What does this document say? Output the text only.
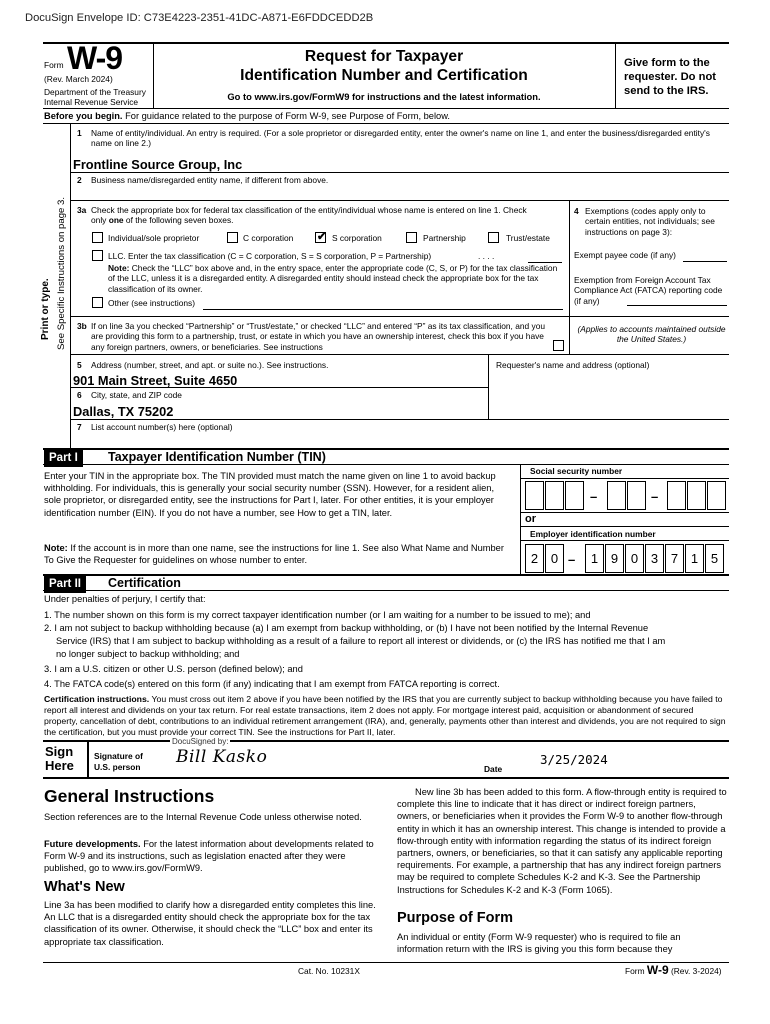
DocuSign Envelope ID: C73E4223-2351-41DC-A871-E6FDDCEDD2B
Form W-9
(Rev. March 2024)
Department of the Treasury
Internal Revenue Service
Request for Taxpayer
Identification Number and Certification
Go to www.irs.gov/FormW9 for instructions and the latest information.
Give form to the
requester. Do not
send to the IRS.
Before you begin. For guidance related to the purpose of Form W-9, see Purpose of Form, below.
Print or type. See Specific Instructions on page 3.
1 Name of entity/individual. An entry is required. (For a sole proprietor or disregarded entity, enter the owner's name on line 1, and enter the business/disregarded entity's name on line 2.)
Frontline Source Group, Inc
2 Business name/disregarded entity name, if different from above.
3a Check the appropriate box for federal tax classification of the entity/individual whose name is entered on line 1. Check
only one of the following seven boxes.
Individual/sole proprietor	C corporation ✔ S corporation	Partnership	Trust/estate
LLC. Enter the tax classification (C = C corporation, S = S corporation, P = Partnership)	. . . .
Note: Check the “LLC” box above and, in the entry space, enter the appropriate code (C, S, or P) for the tax classification of the LLC, unless it is a disregarded entity. A disregarded entity should instead check the appropriate box for the tax classification of its owner.
Other (see instructions)
4 Exemptions (codes apply only to certain entities, not individuals; see instructions on page 3):
Exempt payee code (if any)
Exemption from Foreign Account Tax Compliance Act (FATCA) reporting code (if any)
(Applies to accounts maintained outside the United States.)
3b If on line 3a you checked “Partnership” or “Trust/estate,” or checked “LLC” and entered “P” as its tax classification, and you are providing this form to a partnership, trust, or estate in which you have an ownership interest, check this box if you have any foreign partners, owners, or beneficiaries. See instructions
5 Address (number, street, and apt. or suite no.). See instructions.
901 Main Street, Suite 4650
Requester's name and address (optional)
6 City, state, and ZIP code
Dallas, TX 75202
7 List account number(s) here (optional)
Part I	Taxpayer Identification Number (TIN)
Enter your TIN in the appropriate box. The TIN provided must match the name given on line 1 to avoid backup withholding. For individuals, this is generally your social security number (SSN). However, for a resident alien, sole proprietor, or disregarded entity, see the instructions for Part I, later. For other entities, it is your employer identification number (EIN). If you do not have a number, see How to get a TIN, later.
Note: If the account is in more than one name, see the instructions for line 1. See also What Name and Number To Give the Requester for guidelines on whose number to enter.
Social security number
–	–
or
Employer identification number
2 0 –	1 9 0 3 7 1 5
Part II	Certification
Under penalties of perjury, I certify that:
1. The number shown on this form is my correct taxpayer identification number (or I am waiting for a number to be issued to me); and
2. I am not subject to backup withholding because (a) I am exempt from backup withholding, or (b) I have not been notified by the Internal Revenue
Service (IRS) that I am subject to backup withholding as a result of a failure to report all interest or dividends, or (c) the IRS has notified me that I am
no longer subject to backup withholding; and
3. I am a U.S. citizen or other U.S. person (defined below); and
4. The FATCA code(s) entered on this form (if any) indicating that I am exempt from FATCA reporting is correct.
Certification instructions. You must cross out item 2 above if you have been notified by the IRS that you are currently subject to backup withholding because you have failed to report all interest and dividends on your tax return. For real estate transactions, item 2 does not apply. For mortgage interest paid, acquisition or abandonment of secured property, cancellation of debt, contributions to an individual retirement arrangement (IRA), and, generally, payments other than interest and dividends, you are not required to sign the certification, but you must provide your correct TIN. See the instructions for Part II, later.
Sign
Here
Signature of
U.S. person
DocuSigned by:
Bill Kasko	3/25/2024
Date
General Instructions
Section references are to the Internal Revenue Code unless otherwise noted.
Future developments. For the latest information about developments related to Form W-9 and its instructions, such as legislation enacted after they were published, go to www.irs.gov/FormW9.
What's New
Line 3a has been modified to clarify how a disregarded entity completes this line. An LLC that is a disregarded entity should check the appropriate box for the tax classification of its owner. Otherwise, it should check the “LLC” box and enter its appropriate tax classification.
New line 3b has been added to this form. A flow-through entity is required to complete this line to indicate that it has direct or indirect foreign partners, owners, or beneficiaries when it provides the Form W-9 to another flow-through entity in which it has an ownership interest. This change is intended to provide a flow-through entity with information regarding the status of its indirect foreign partners, owners, or beneficiaries, so that it can satisfy any applicable reporting requirements. For example, a partnership that has any indirect foreign partners may be required to complete Schedules K-2 and K-3. See the Partnership Instructions for Schedules K-2 and K-3 (Form 1065).
Purpose of Form
An individual or entity (Form W-9 requester) who is required to file an information return with the IRS is giving you this form because they
Cat. No. 10231X	Form W-9 (Rev. 3-2024)
